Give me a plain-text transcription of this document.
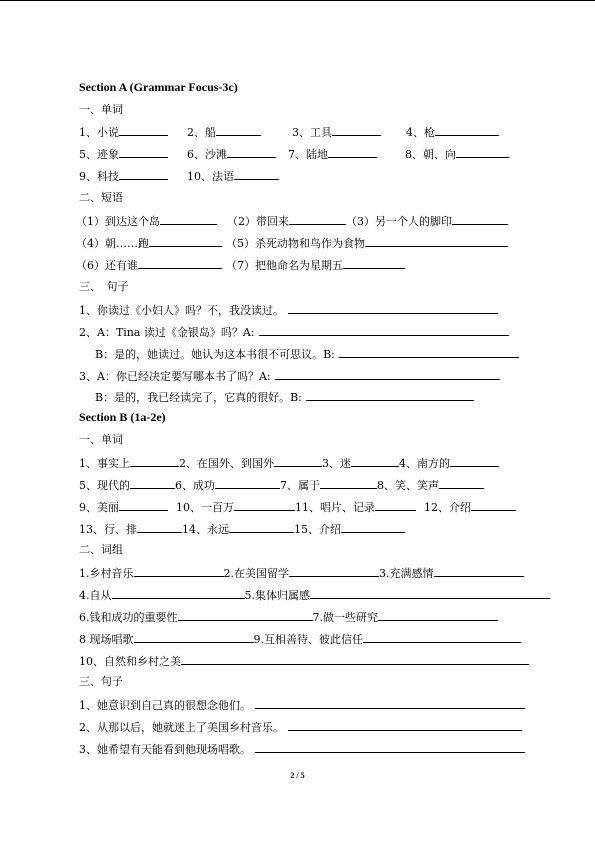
Section A (Grammar Focus-3c)
一、单词
1、小说	2、船	3、工具	4、枪
5、迹象	6、沙滩	7、陆地	8、朝、向
9、科技	10、法语
二、短语
（1）到达这个岛	（2）带回来	（3）另一个人的脚印
（4）朝……跑	（5）杀死动物和鸟作为食物
（6）还有谁	（7）把他命名为星期五
三、　句子
1、你读过《小妇人》吗？不，我没读过。
2、A：Tina 读过《金银岛》吗？A:
B：是的，她读过。她认为这本书很不可思议。B:
3、A：你已经决定要写哪本书了吗？A:
B：是的，我已经读完了，它真的很好。B:
Section B (1a-2e)
一、单词
1、事实上	2、在国外、到国外	3、迷	4、南方的
5、现代的	6、成功	7、属于	8、笑、笑声
9、美丽	10、一百万	11、唱片、记录	12、介绍
13、行、排	14、永远	15、介绍
二、词组
1.乡村音乐	2.在美国留学	3.充满感情
4.自从	5.集体归属感
6.钱和成功的重要性	7.做一些研究
8 现场唱歌	9.互相善待、彼此信任
10、自然和乡村之美
三、句子
1、她意识到自己真的很想念他们。
2、从那以后，她就迷上了美国乡村音乐。
3、她希望有天能看到他现场唱歌。
2 / 5
